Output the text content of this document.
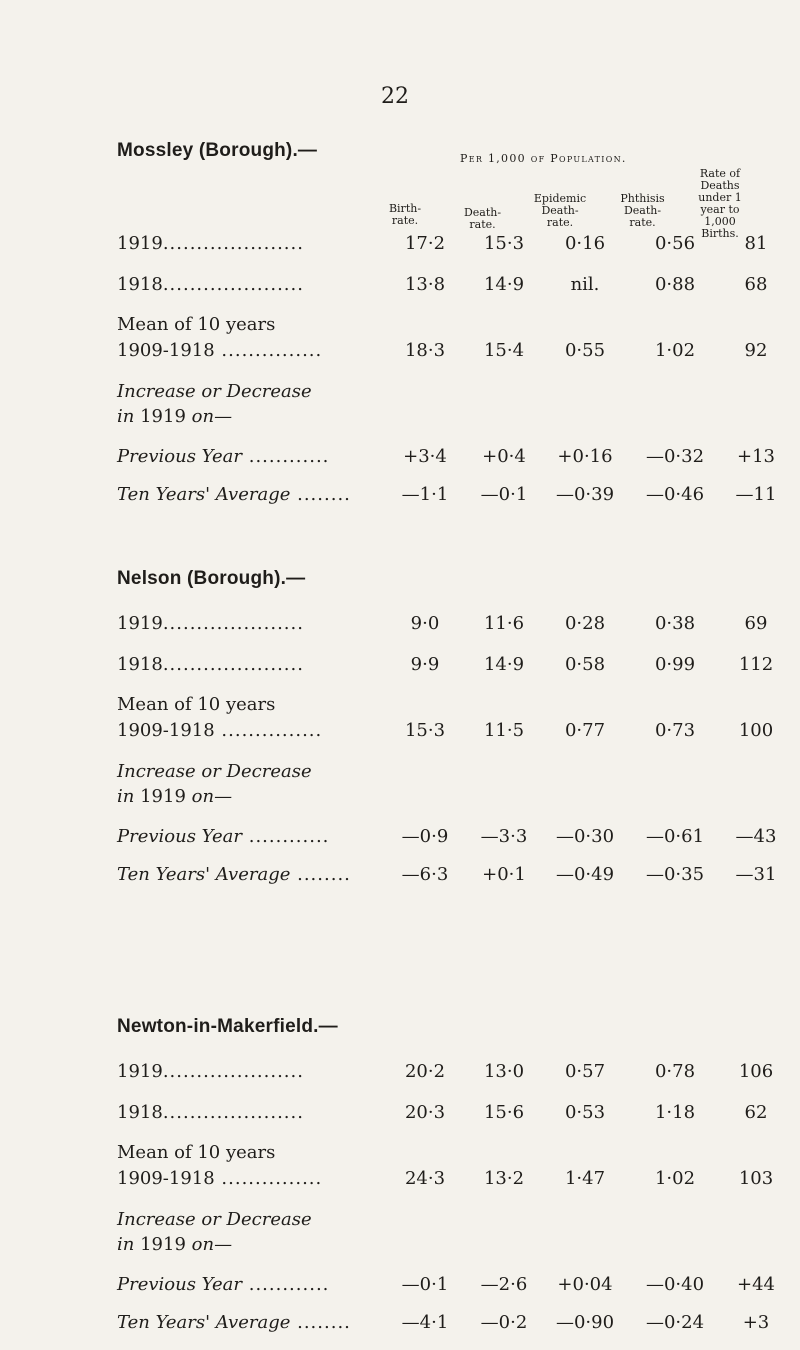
22
Per 1,000 of Population.
Birth-
rate.
Death-
rate.
Epidemic
Death-
rate.
Phthisis
Death-
rate.
Rate of
Deaths
under 1
year to
1,000
Births.
Mossley (Borough).—
1919.....................	17·2	15·3	0·16	0·56	81
1918.....................	13·8	14·9	nil.	0·88	68
Mean of 10 years
1909-1918 ...............	18·3	15·4	0·55	1·02	92
Increase or Decrease
in 1919 on—
Previous Year ............	+3·4	+0·4	+0·16	—0·32	+13
Ten Years' Average ........	—1·1	—0·1	—0·39	—0·46	—11
Nelson (Borough).—
1919.....................	9·0	11·6	0·28	0·38	69
1918.....................	9·9	14·9	0·58	0·99	112
Mean of 10 years
1909-1918 ...............	15·3	11·5	0·77	0·73	100
Increase or Decrease
in 1919 on—
Previous Year ............	—0·9	—3·3	—0·30	—0·61	—43
Ten Years' Average ........	—6·3	+0·1	—0·49	—0·35	—31
Newton-in-Makerfield.—
1919.....................	20·2	13·0	0·57	0·78	106
1918.....................	20·3	15·6	0·53	1·18	62
Mean of 10 years
1909-1918 ...............	24·3	13·2	1·47	1·02	103
Increase or Decrease
in 1919 on—
Previous Year ............	—0·1	—2·6	+0·04	—0·40	+44
Ten Years' Average ........	—4·1	—0·2	—0·90	—0·24	+3
